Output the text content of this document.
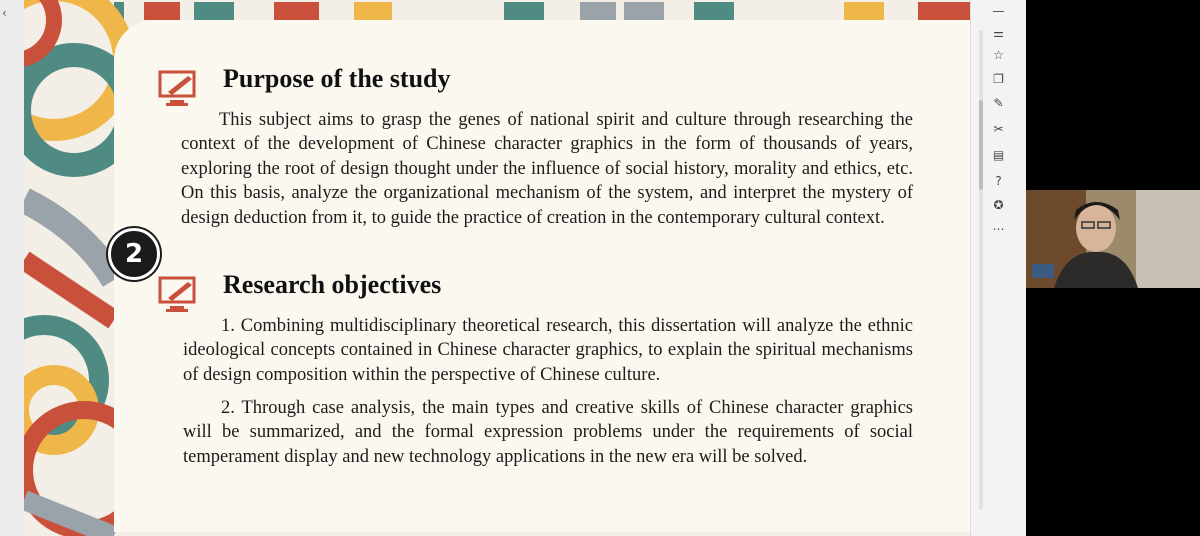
‹
Purpose of the study
This subject aims to grasp the genes of national spirit and culture through researching the context of the development of Chinese character graphics in the form of thousands of years, exploring the root of design thought under the influence of social history, morality and ethics, etc. On this basis, analyze the organizational mechanism of the system, and interpret the mystery of design deduction from it, to guide the practice of creation in the contemporary cultural context.
2
Research objectives
1. Combining multidisciplinary theoretical research, this dissertation will analyze the ethnic ideological concepts contained in Chinese character graphics, to explain the spiritual mechanisms of design composition within the perspective of Chinese culture.
2. Through case analysis, the main types and creative skills of Chinese character graphics will be summarized, and the formal expression problems under the requirements of social temperament display and new technology applications in the new era will be solved.
—
⚌
☆
❐
✎
✂
▤
?
✪
⋯
